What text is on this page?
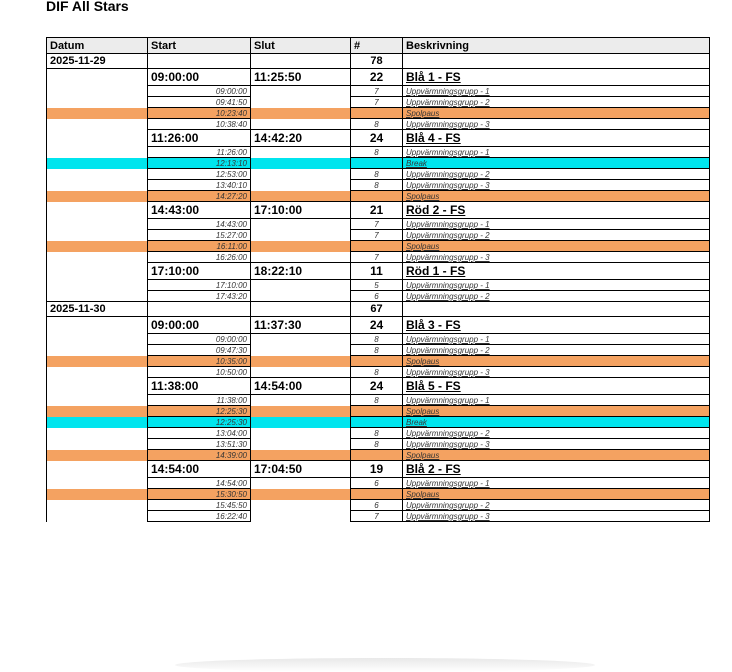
DIF All Stars
Datum	Start	Slut	#	Beskrivning
2025-11-29			78	
	09:00:00	11:25:50	22	Blå 1 - FS
	09:00:00		7	Uppvärmningsgrupp - 1
	09:41:50		7	Uppvärmningsgrupp - 2
	10:23:40			Spolpaus
	10:38:40		8	Uppvärmningsgrupp - 3
	11:26:00	14:42:20	24	Blå 4 - FS
	11:26:00		8	Uppvärmningsgrupp - 1
	12:13:10			Break
	12:53:00		8	Uppvärmningsgrupp - 2
	13:40:10		8	Uppvärmningsgrupp - 3
	14:27:20			Spolpaus
	14:43:00	17:10:00	21	Röd 2 - FS
	14:43:00		7	Uppvärmningsgrupp - 1
	15:27:00		7	Uppvärmningsgrupp - 2
	16:11:00			Spolpaus
	16:26:00		7	Uppvärmningsgrupp - 3
	17:10:00	18:22:10	11	Röd 1 - FS
	17:10:00		5	Uppvärmningsgrupp - 1
	17:43:20		6	Uppvärmningsgrupp - 2
2025-11-30			67	
	09:00:00	11:37:30	24	Blå 3 - FS
	09:00:00		8	Uppvärmningsgrupp - 1
	09:47:30		8	Uppvärmningsgrupp - 2
	10:35:00			Spolpaus
	10:50:00		8	Uppvärmningsgrupp - 3
	11:38:00	14:54:00	24	Blå 5 - FS
	11:38:00		8	Uppvärmningsgrupp - 1
	12:25:30			Spolpaus
	12:25:30			Break
	13:04:00		8	Uppvärmningsgrupp - 2
	13:51:30		8	Uppvärmningsgrupp - 3
	14:39:00			Spolpaus
	14:54:00	17:04:50	19	Blå 2 - FS
	14:54:00		6	Uppvärmningsgrupp - 1
	15:30:50			Spolpaus
	15:45:50		6	Uppvärmningsgrupp - 2
	16:22:40		7	Uppvärmningsgrupp - 3
